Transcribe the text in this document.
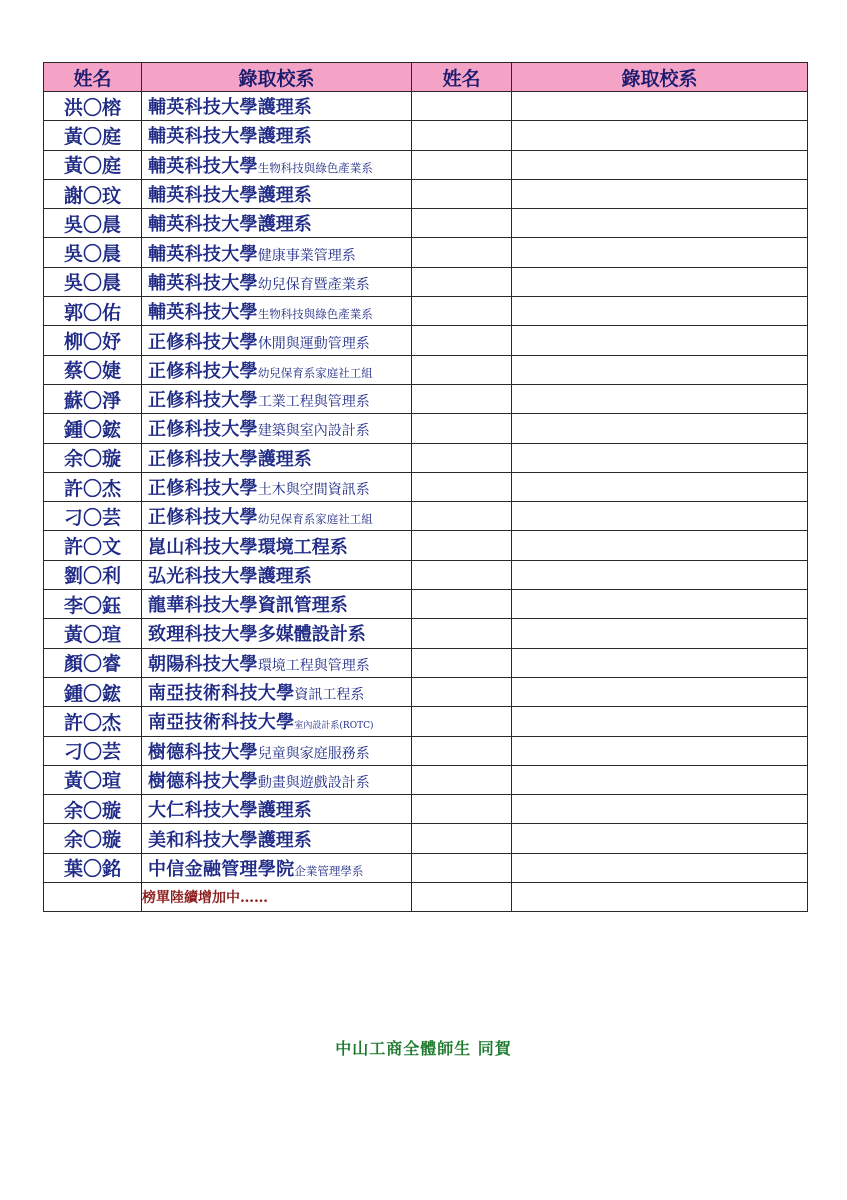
姓名	錄取校系	姓名	錄取校系
洪〇榕	輔英科技大學護理系		
黃〇庭	輔英科技大學護理系		
黃〇庭	輔英科技大學生物科技與綠色產業系		
謝〇玟	輔英科技大學護理系		
吳〇晨	輔英科技大學護理系		
吳〇晨	輔英科技大學健康事業管理系		
吳〇晨	輔英科技大學幼兒保育暨產業系		
郭〇佑	輔英科技大學生物科技與綠色產業系		
柳〇妤	正修科技大學休閒與運動管理系		
蔡〇婕	正修科技大學幼兒保育系家庭社工組		
蘇〇淨	正修科技大學工業工程與管理系		
鍾〇鋐	正修科技大學建築與室內設計系		
余〇璇	正修科技大學護理系		
許〇杰	正修科技大學土木與空間資訊系		
刁〇芸	正修科技大學幼兒保育系家庭社工組		
許〇文	崑山科技大學環境工程系		
劉〇利	弘光科技大學護理系		
李〇鈺	龍華科技大學資訊管理系		
黃〇瑄	致理科技大學多媒體設計系		
顏〇睿	朝陽科技大學環境工程與管理系		
鍾〇鋐	南亞技術科技大學資訊工程系		
許〇杰	南亞技術科技大學室內設計系(ROTC)		
刁〇芸	樹德科技大學兒童與家庭服務系		
黃〇瑄	樹德科技大學動畫與遊戲設計系		
余〇璇	大仁科技大學護理系		
余〇璇	美和科技大學護理系		
葉〇銘	中信金融管理學院企業管理學系		
	榜單陸續增加中……		
中山工商全體師生 同賀
